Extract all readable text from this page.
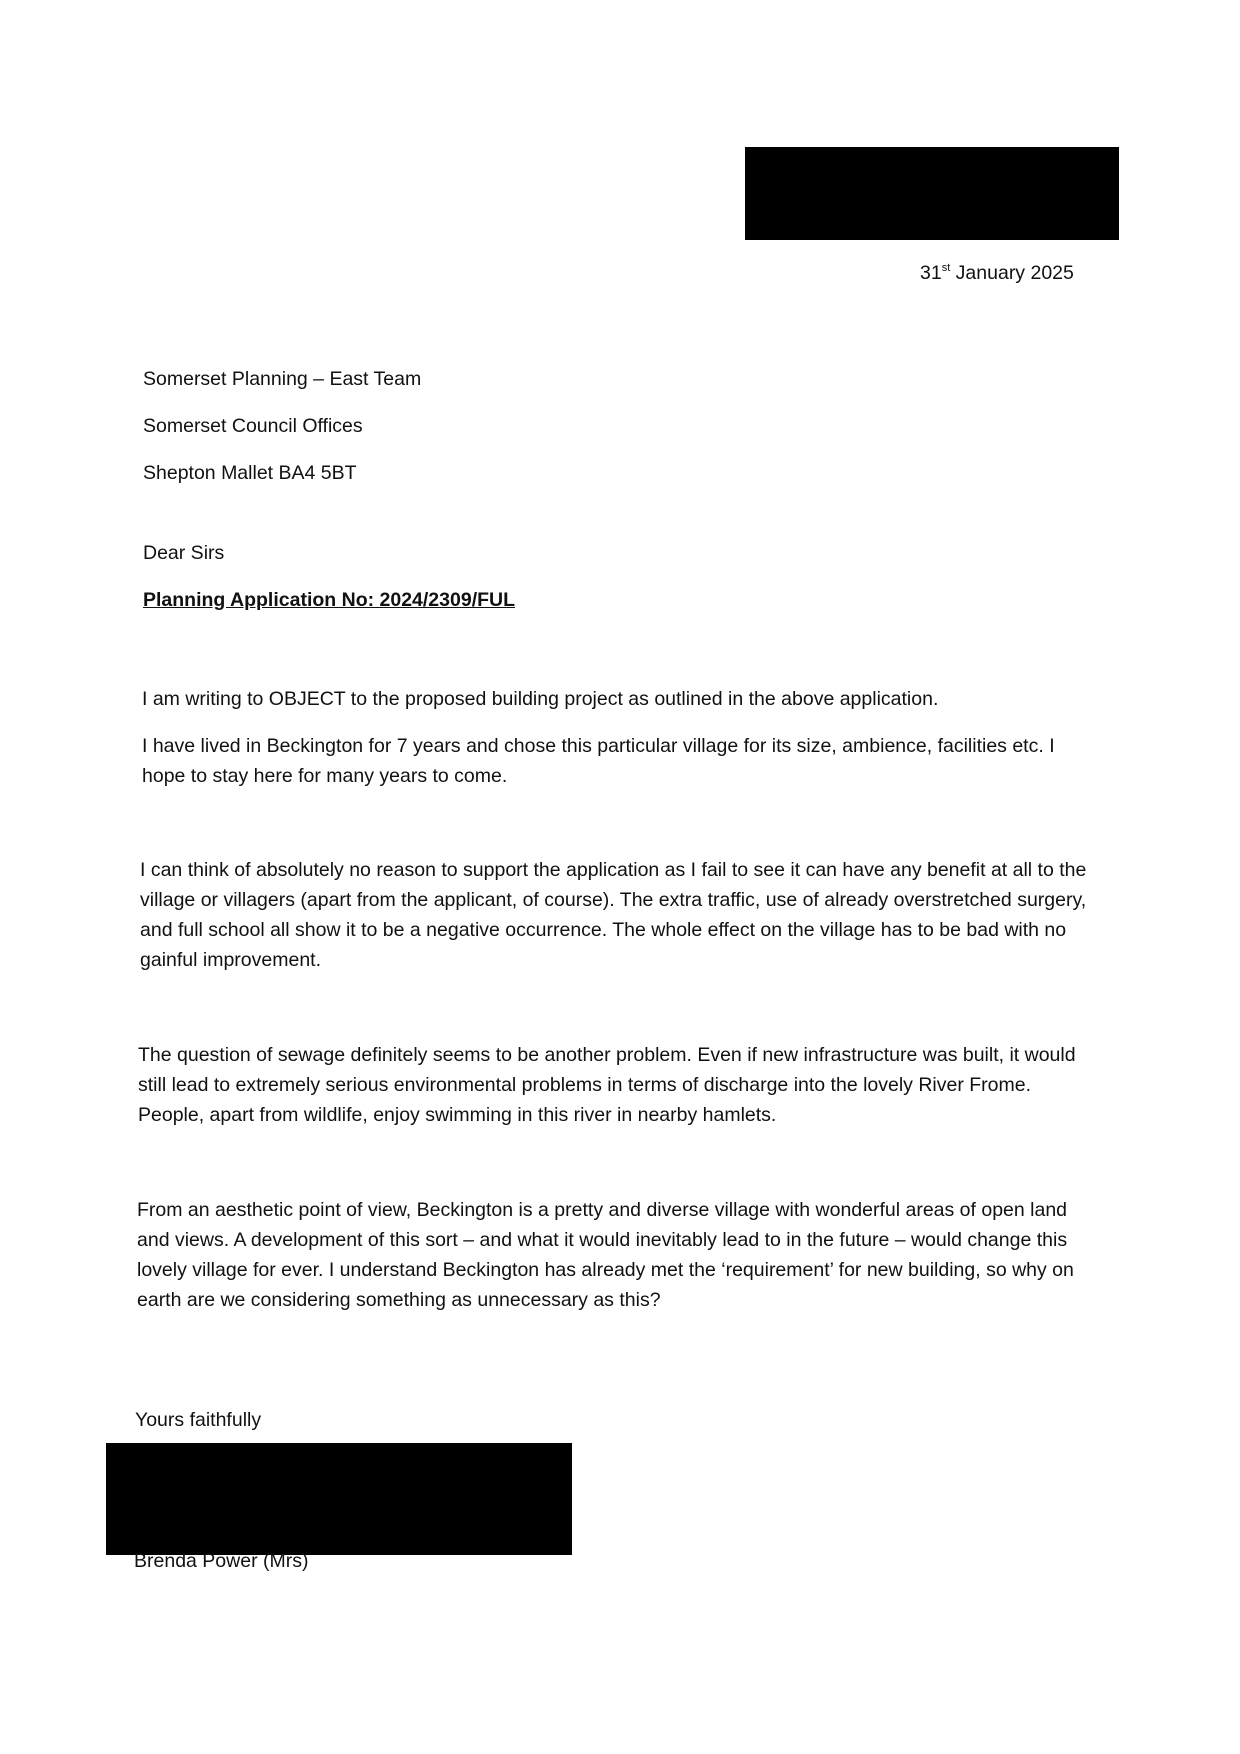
31st January 2025
Somerset Planning – East Team
Somerset Council Offices
Shepton Mallet BA4 5BT
Dear Sirs
Planning Application No: 2024/2309/FUL

I am writing to OBJECT to the proposed building project as outlined in the above application.

I have lived in Beckington for 7 years and chose this particular village for its size, ambience, facilities etc. I hope to stay here for many years to come.

I can think of absolutely no reason to support the application as I fail to see it can have any benefit at all to the village or villagers (apart from the applicant, of course). The extra traffic, use of already overstretched surgery, and full school all show it to be a negative occurrence. The whole effect on the village has to be bad with no gainful improvement.

The question of sewage definitely seems to be another problem. Even if new infrastructure was built, it would still lead to extremely serious environmental problems in terms of discharge into the lovely River Frome. People, apart from wildlife, enjoy swimming in this river in nearby hamlets.

From an aesthetic point of view, Beckington is a pretty and diverse village with wonderful areas of open land and views. A development of this sort – and what it would inevitably lead to in the future – would change this lovely village for ever. I understand Beckington has already met the ‘requirement’ for new building, so why on earth are we considering something as unnecessary as this?

Yours faithfully
Brenda Power (Mrs)
